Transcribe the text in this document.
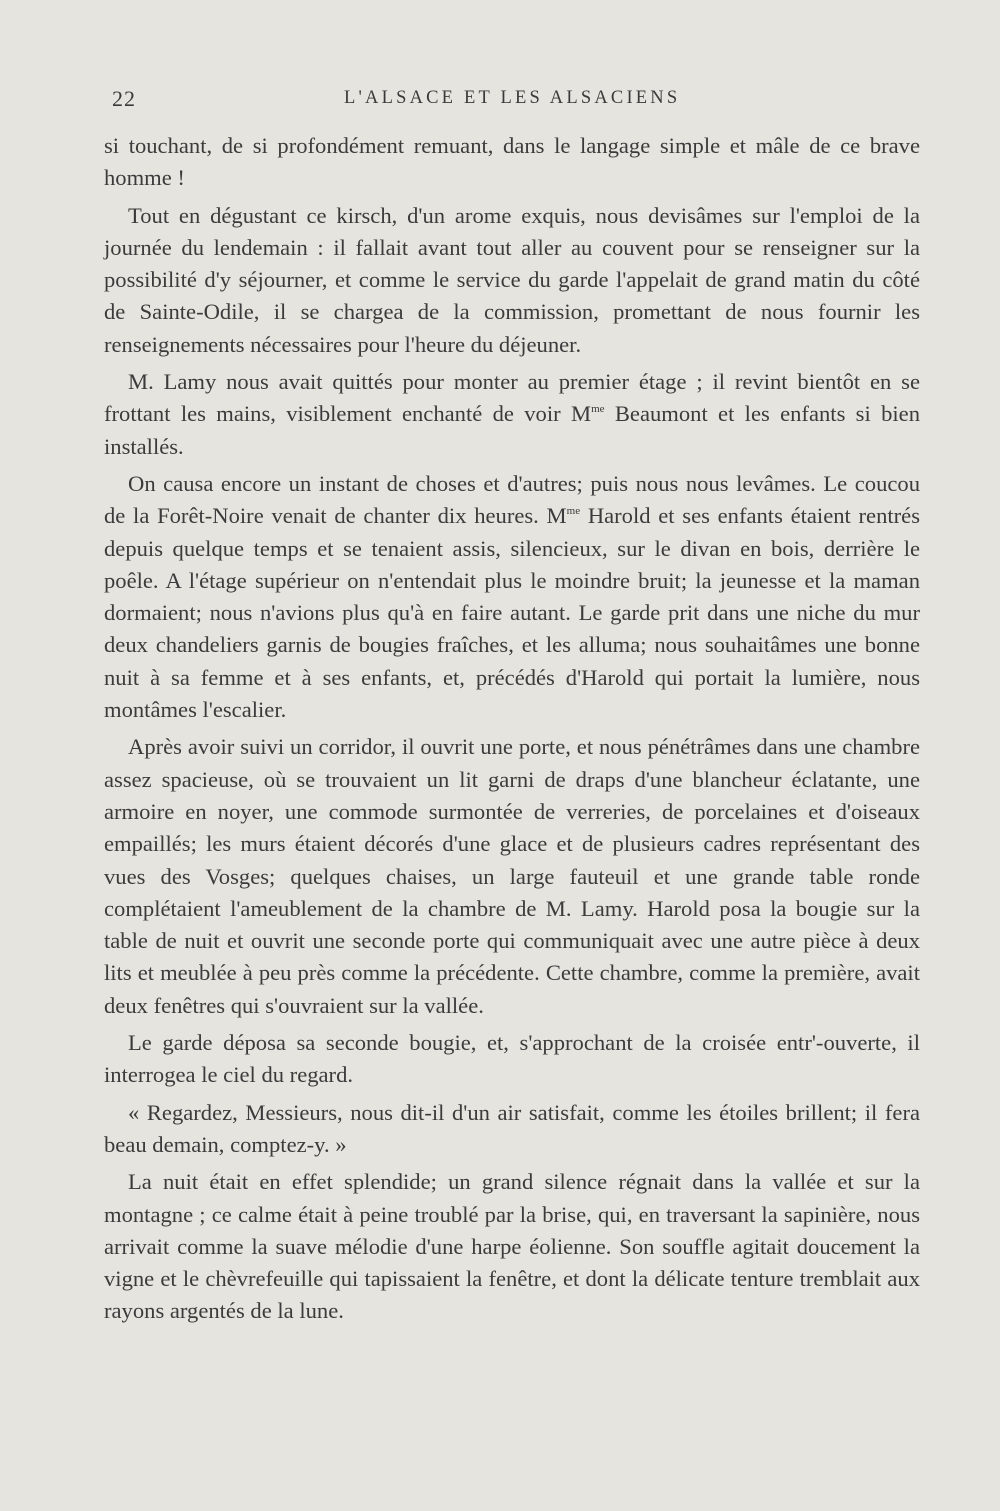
22	L'ALSACE ET LES ALSACIENS

si touchant, de si profondément remuant, dans le langage simple et mâle de ce brave homme !

Tout en dégustant ce kirsch, d'un arome exquis, nous devisâmes sur l'emploi de la journée du lendemain : il fallait avant tout aller au couvent pour se renseigner sur la possibilité d'y séjourner, et comme le service du garde l'appelait de grand matin du côté de Sainte-Odile, il se chargea de la commission, promettant de nous fournir les renseignements nécessaires pour l'heure du déjeuner.

M. Lamy nous avait quittés pour monter au premier étage ; il revint bientôt en se frottant les mains, visiblement enchanté de voir $M^{me}$ Beaumont et les enfants si bien installés.

On causa encore un instant de choses et d'autres; puis nous nous levâmes. Le coucou de la Forêt-Noire venait de chanter dix heures. $M^{me}$ Harold et ses enfants étaient rentrés depuis quelque temps et se tenaient assis, silencieux, sur le divan en bois, derrière le poêle. A l'étage supérieur on n'entendait plus le moindre bruit; la jeunesse et la maman dormaient; nous n'avions plus qu'à en faire autant. Le garde prit dans une niche du mur deux chandeliers garnis de bougies fraîches, et les alluma; nous souhaitâmes une bonne nuit à sa femme et à ses enfants, et, précédés d'Harold qui portait la lumière, nous montâmes l'escalier.

Après avoir suivi un corridor, il ouvrit une porte, et nous pénétrâmes dans une chambre assez spacieuse, où se trouvaient un lit garni de draps d'une blancheur éclatante, une armoire en noyer, une commode surmontée de verreries, de porcelaines et d'oiseaux empaillés; les murs étaient décorés d'une glace et de plusieurs cadres représentant des vues des Vosges; quelques chaises, un large fauteuil et une grande table ronde complétaient l'ameublement de la chambre de M. Lamy. Harold posa la bougie sur la table de nuit et ouvrit une seconde porte qui communiquait avec une autre pièce à deux lits et meublée à peu près comme la précédente. Cette chambre, comme la première, avait deux fenêtres qui s'ouvraient sur la vallée.

Le garde déposa sa seconde bougie, et, s'approchant de la croisée entr'-ouverte, il interrogea le ciel du regard.

« Regardez, Messieurs, nous dit-il d'un air satisfait, comme les étoiles brillent; il fera beau demain, comptez-y. »

La nuit était en effet splendide; un grand silence régnait dans la vallée et sur la montagne ; ce calme était à peine troublé par la brise, qui, en traversant la sapinière, nous arrivait comme la suave mélodie d'une harpe éolienne. Son souffle agitait doucement la vigne et le chèvrefeuille qui tapissaient la fenêtre, et dont la délicate tenture tremblait aux rayons argentés de la lune.
